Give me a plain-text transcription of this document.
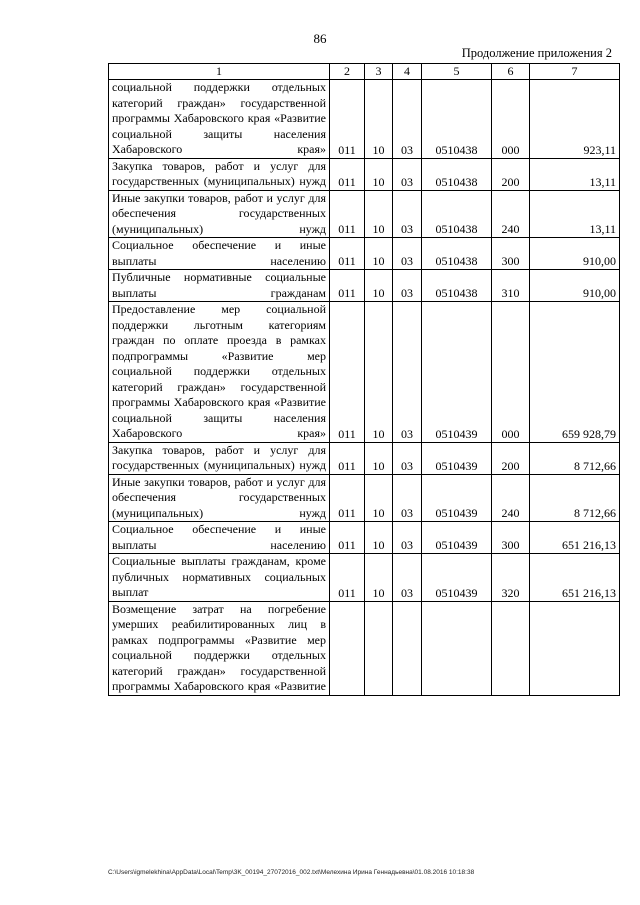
86
Продолжение приложения 2
1	2	3	4	5	6	7
социальной поддержки отдельных категорий граждан» государственной программы Хабаровского края «Развитие социальной защиты населения Хабаровского края»	011	10	03	0510438	000	923,11
Закупка товаров, работ и услуг для государственных (муниципальных) нужд	011	10	03	0510438	200	13,11
Иные закупки товаров, работ и услуг для обеспечения государственных (муниципальных) нужд	011	10	03	0510438	240	13,11
Социальное обеспечение и иные выплаты населению	011	10	03	0510438	300	910,00
Публичные нормативные социальные выплаты гражданам	011	10	03	0510438	310	910,00
Предоставление мер социальной поддержки льготным категориям граждан по оплате проезда в рамках подпрограммы «Развитие мер социальной поддержки отдельных категорий граждан» государственной программы Хабаровского края «Развитие социальной защиты населения Хабаровского края»	011	10	03	0510439	000	659 928,79
Закупка товаров, работ и услуг для государственных (муниципальных) нужд	011	10	03	0510439	200	8 712,66
Иные закупки товаров, работ и услуг для обеспечения государственных (муниципальных) нужд	011	10	03	0510439	240	8 712,66
Социальное обеспечение и иные выплаты населению	011	10	03	0510439	300	651 216,13
Социальные выплаты гражданам, кроме публичных нормативных социальных выплат	011	10	03	0510439	320	651 216,13
Возмещение затрат на погребение умерших реабилитированных лиц в рамках подпрограммы «Развитие мер социальной поддержки отдельных категорий граждан» государственной программы Хабаровского края «Развитие						
C:\Users\igmelekhina\AppData\Local\Temp\3K_00194_27072016_002.txt\Мелехина Ирина Геннадьевна\01.08.2016 10:18:38
